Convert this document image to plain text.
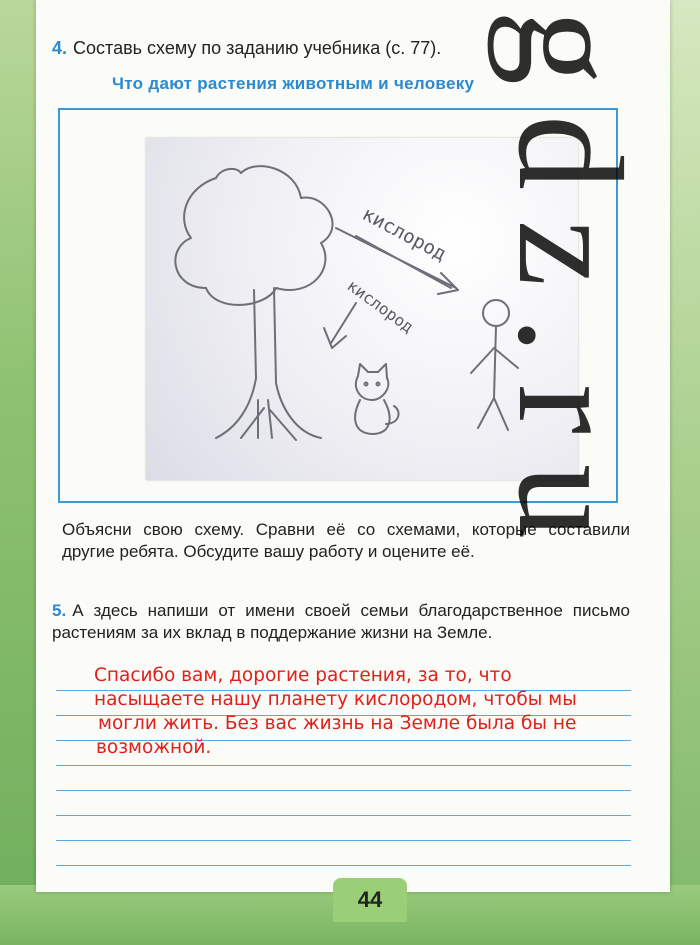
4. Составь схему по заданию учебника (с. 77).
Что дают растения животным и человеку
кислород
кислород
Объясни свою схему. Сравни её со схемами, которые составили другие ребята. Обсудите вашу работу и оцените её.
5. А здесь напиши от имени своей семьи благодарственное письмо растениям за их вклад в поддержание жизни на Земле.
Спасибо вам, дорогие растения, за то, что
насыщаете нашу планету кислородом, чтобы мы
могли жить. Без вас жизнь на Земле была бы не
возможной.
44
gdz.ru
